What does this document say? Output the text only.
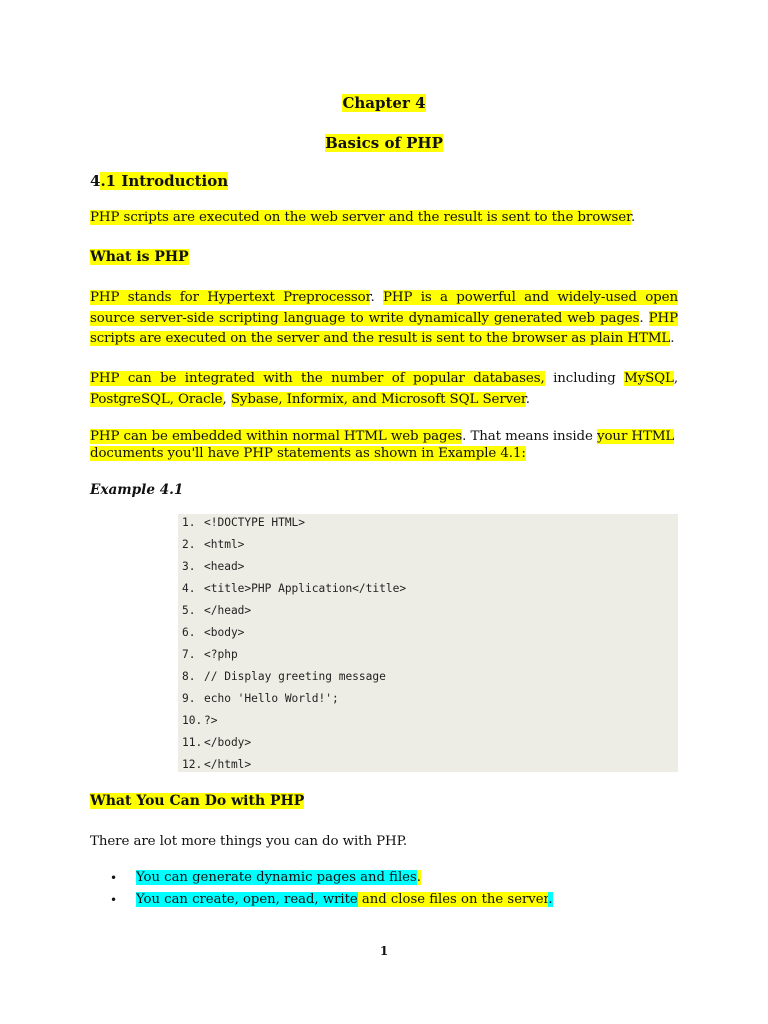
Chapter 4
Basics of PHP
4.1 Introduction
PHP scripts are executed on the web server and the result is sent to the browser.
What is PHP
PHP stands for Hypertext Preprocessor. PHP is a powerful and widely-used open source server-side scripting language to write dynamically generated web pages. PHP scripts are executed on the server and the result is sent to the browser as plain HTML.
PHP can be integrated with the number of popular databases, including MySQL, PostgreSQL, Oracle, Sybase, Informix, and Microsoft SQL Server.
PHP can be embedded within normal HTML web pages. That means inside your HTML documents you'll have PHP statements as shown in Example 4.1:
Example 4.1
1. <!DOCTYPE HTML>
2. <html>
3. <head>
4. <title>PHP Application</title>
5. </head>
6. <body>
7. <?php
8. // Display greeting message
9. echo 'Hello World!';
10. ?>
11. </body>
12. </html>
What You Can Do with PHP
There are lot more things you can do with PHP.
• You can generate dynamic pages and files.
• You can create, open, read, write and close files on the server.
1
